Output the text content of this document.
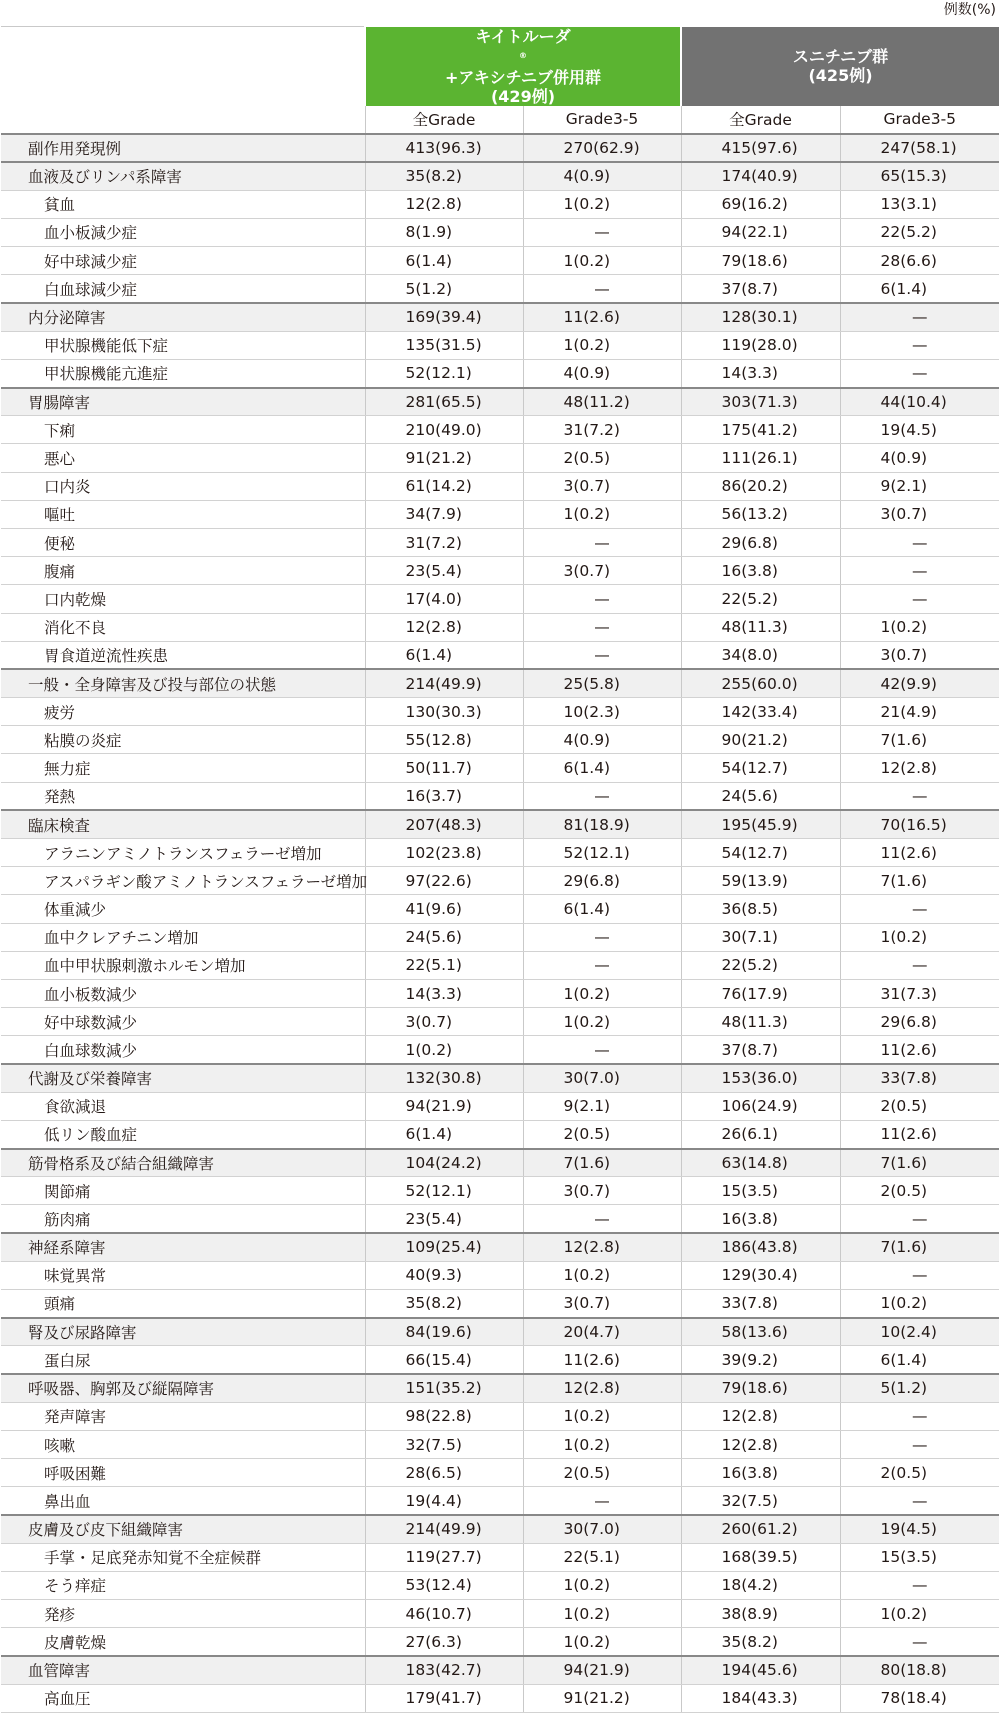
例数(%)

	キイトルーダ
®
+アキシチニブ併用群
(429例)		スニチニブ群
(425例)	

	全Grade	Grade3-5	全Grade	Grade3-5
副作用発現例	413(96.3)	270(62.9)	415(97.6)	247(58.1)
血液及びリンパ系障害	35(8.2)	4(0.9)	174(40.9)	65(15.3)
貧血	12(2.8)	1(0.2)	69(16.2)	13(3.1)
血小板減少症	8(1.9)	—	94(22.1)	22(5.2)
好中球減少症	6(1.4)	1(0.2)	79(18.6)	28(6.6)
白血球減少症	5(1.2)	—	37(8.7)	6(1.4)
内分泌障害	169(39.4)	11(2.6)	128(30.1)	—
甲状腺機能低下症	135(31.5)	1(0.2)	119(28.0)	—
甲状腺機能亢進症	52(12.1)	4(0.9)	14(3.3)	—
胃腸障害	281(65.5)	48(11.2)	303(71.3)	44(10.4)
下痢	210(49.0)	31(7.2)	175(41.2)	19(4.5)
悪心	91(21.2)	2(0.5)	111(26.1)	4(0.9)
口内炎	61(14.2)	3(0.7)	86(20.2)	9(2.1)
嘔吐	34(7.9)	1(0.2)	56(13.2)	3(0.7)
便秘	31(7.2)	—	29(6.8)	—
腹痛	23(5.4)	3(0.7)	16(3.8)	—
口内乾燥	17(4.0)	—	22(5.2)	—
消化不良	12(2.8)	—	48(11.3)	1(0.2)
胃食道逆流性疾患	6(1.4)	—	34(8.0)	3(0.7)
一般・全身障害及び投与部位の状態	214(49.9)	25(5.8)	255(60.0)	42(9.9)
疲労	130(30.3)	10(2.3)	142(33.4)	21(4.9)
粘膜の炎症	55(12.8)	4(0.9)	90(21.2)	7(1.6)
無力症	50(11.7)	6(1.4)	54(12.7)	12(2.8)
発熱	16(3.7)	—	24(5.6)	—
臨床検査	207(48.3)	81(18.9)	195(45.9)	70(16.5)
アラニンアミノトランスフェラーゼ増加	102(23.8)	52(12.1)	54(12.7)	11(2.6)
アスパラギン酸アミノトランスフェラーゼ増加	97(22.6)	29(6.8)	59(13.9)	7(1.6)
体重減少	41(9.6)	6(1.4)	36(8.5)	—
血中クレアチニン増加	24(5.6)	—	30(7.1)	1(0.2)
血中甲状腺刺激ホルモン増加	22(5.1)	—	22(5.2)	—
血小板数減少	14(3.3)	1(0.2)	76(17.9)	31(7.3)
好中球数減少	3(0.7)	1(0.2)	48(11.3)	29(6.8)
白血球数減少	1(0.2)	—	37(8.7)	11(2.6)
代謝及び栄養障害	132(30.8)	30(7.0)	153(36.0)	33(7.8)
食欲減退	94(21.9)	9(2.1)	106(24.9)	2(0.5)
低リン酸血症	6(1.4)	2(0.5)	26(6.1)	11(2.6)
筋骨格系及び結合組織障害	104(24.2)	7(1.6)	63(14.8)	7(1.6)
関節痛	52(12.1)	3(0.7)	15(3.5)	2(0.5)
筋肉痛	23(5.4)	—	16(3.8)	—
神経系障害	109(25.4)	12(2.8)	186(43.8)	7(1.6)
味覚異常	40(9.3)	1(0.2)	129(30.4)	—
頭痛	35(8.2)	3(0.7)	33(7.8)	1(0.2)
腎及び尿路障害	84(19.6)	20(4.7)	58(13.6)	10(2.4)
蛋白尿	66(15.4)	11(2.6)	39(9.2)	6(1.4)
呼吸器、胸郭及び縦隔障害	151(35.2)	12(2.8)	79(18.6)	5(1.2)
発声障害	98(22.8)	1(0.2)	12(2.8)	—
咳嗽	32(7.5)	1(0.2)	12(2.8)	—
呼吸困難	28(6.5)	2(0.5)	16(3.8)	2(0.5)
鼻出血	19(4.4)	—	32(7.5)	—
皮膚及び皮下組織障害	214(49.9)	30(7.0)	260(61.2)	19(4.5)
手掌・足底発赤知覚不全症候群	119(27.7)	22(5.1)	168(39.5)	15(3.5)
そう痒症	53(12.4)	1(0.2)	18(4.2)	—
発疹	46(10.7)	1(0.2)	38(8.9)	1(0.2)
皮膚乾燥	27(6.3)	1(0.2)	35(8.2)	—
血管障害	183(42.7)	94(21.9)	194(45.6)	80(18.8)
高血圧	179(41.7)	91(21.2)	184(43.3)	78(18.4)
